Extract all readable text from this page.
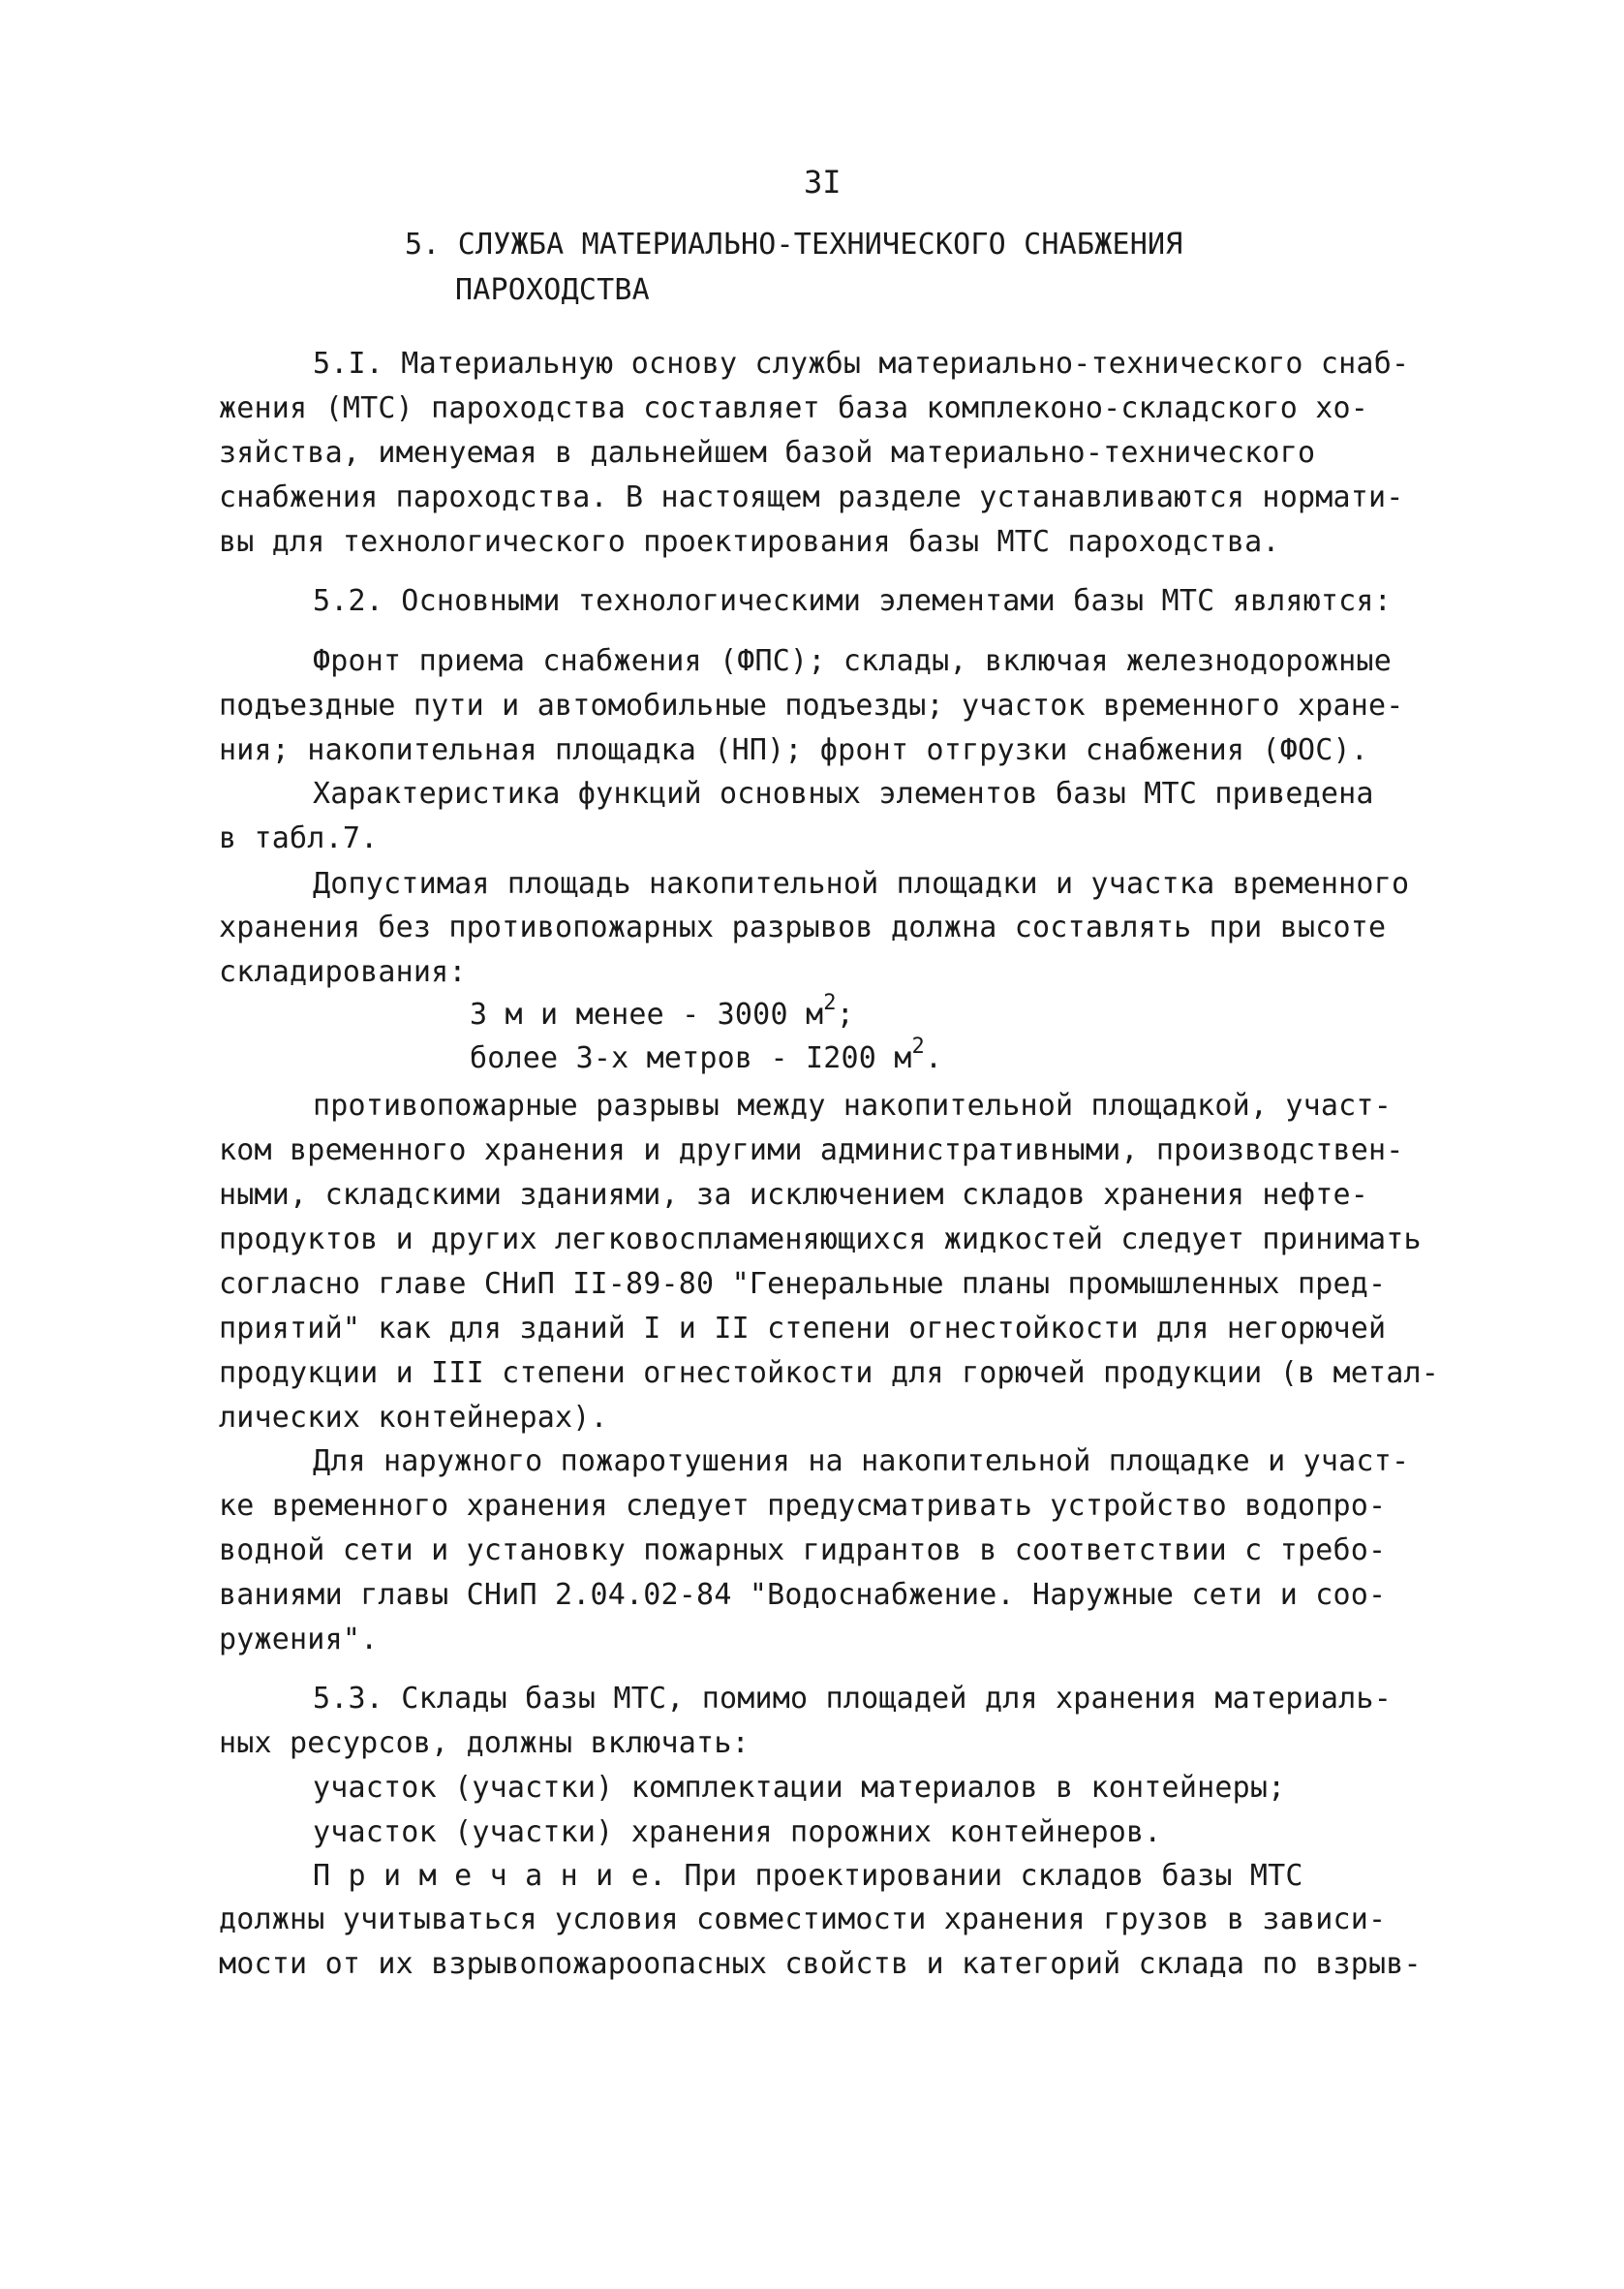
3I
5. СЛУЖБА МАТЕРИАЛЬНО-ТЕХНИЧЕСКОГО СНАБЖЕНИЯ
ПАРОХОДСТВА
5.I. Материальную основу службы материально-технического снаб-
жения (МТС) пароходства составляет база комплеконо-складского хо-
зяйства, именуемая в дальнейшем базой материально-технического
снабжения пароходства. В настоящем разделе устанавливаются нормати-
вы для технологического проектирования базы МТС пароходства.
5.2. Основными технологическими элементами базы МТС являются:
Фронт приема снабжения (ФПС); склады, включая железнодорожные
подъездные пути и автомобильные подъезды; участок временного хране-
ния; накопительная площадка (НП); фронт отгрузки снабжения (ФОС).
Характеристика функций основных элементов базы МТС приведена
в табл.7.
Допустимая площадь накопительной площадки и участка временного
хранения без противопожарных разрывов должна составлять при высоте
складирования:
3 м и менее - 3000 $м^2$;
более 3-х метров - I200 $м^2$.
противопожарные разрывы между накопительной площадкой, участ-
ком временного хранения и другими административными, производствен-
ными, складскими зданиями, за исключением складов хранения нефте-
продуктов и других легковоспламеняющихся жидкостей следует принимать
согласно главе СНиП II-89-80 "Генеральные планы промышленных пред-
приятий" как для зданий I и II степени огнестойкости для негорючей
продукции и III степени огнестойкости для горючей продукции (в метал-
лических контейнерах).
Для наружного пожаротушения на накопительной площадке и участ-
ке временного хранения следует предусматривать устройство водопро-
водной сети и установку пожарных гидрантов в соответствии с требо-
ваниями главы СНиП 2.04.02-84 "Водоснабжение. Наружные сети и соо-
ружения".
5.3. Склады базы МТС, помимо площадей для хранения материаль-
ных ресурсов, должны включать:
участок (участки) комплектации материалов в контейнеры;
участок (участки) хранения порожних контейнеров.
П р и м е ч а н и е. При проектировании складов базы МТС
должны учитываться условия совместимости хранения грузов в зависи-
мости от их взрывопожароопасных свойств и категорий склада по взрыв-
